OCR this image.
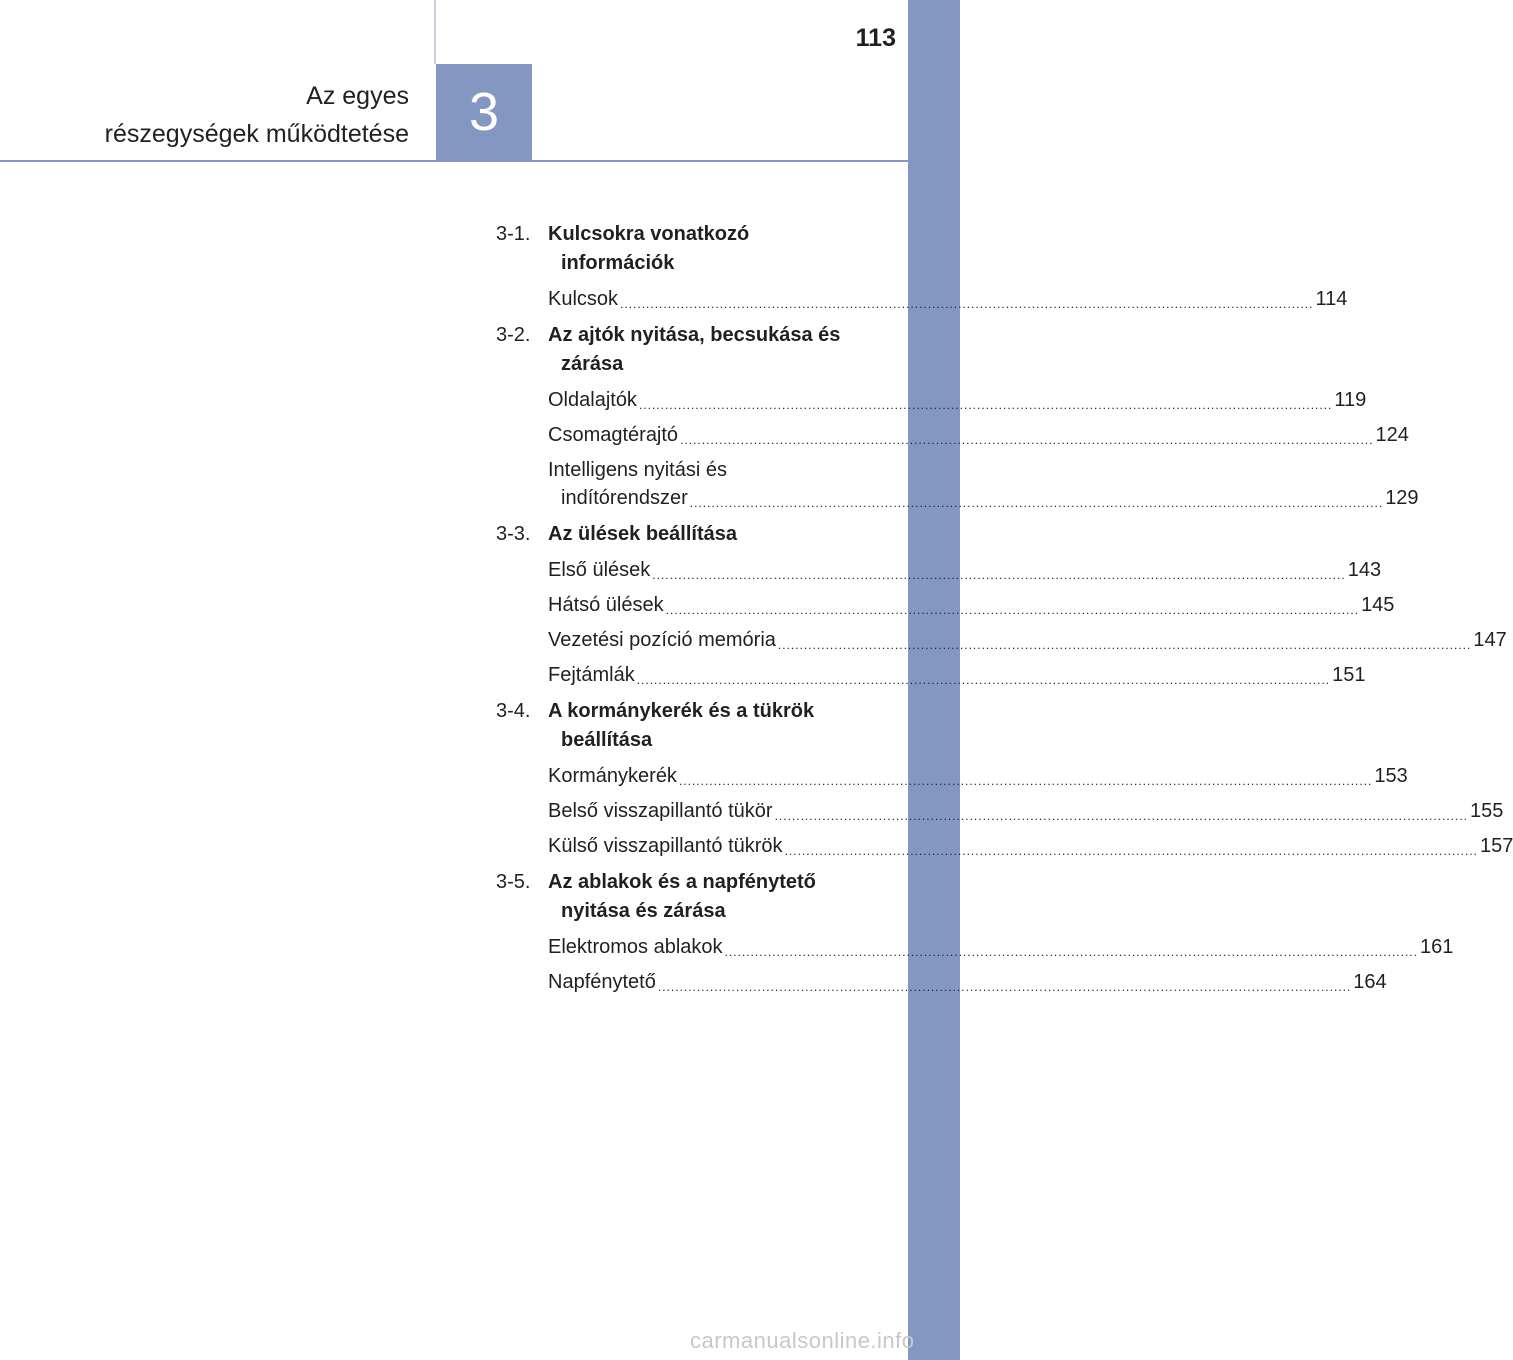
113
Az egyes
részegységek működtetése	3
3-1. Kulcsokra vonatkozó
információk
Kulcsok ................................................................................................................................................................ 114
3-2. Az ajtók nyitása, becsukása és
zárása
Oldalajtók ................................................................................................................................................................ 119
Csomagtérajtó ................................................................................................................................................................ 124
Intelligens nyitási és
indítórendszer ................................................................................................................................................................ 129
3-3. Az ülések beállítása
Első ülések ................................................................................................................................................................ 143
Hátsó ülések ................................................................................................................................................................ 145
Vezetési pozíció memória ................................................................................................................................................................ 147
Fejtámlák ................................................................................................................................................................ 151
3-4. A kormánykerék és a tükrök
beállítása
Kormánykerék ................................................................................................................................................................ 153
Belső visszapillantó tükör ................................................................................................................................................................ 155
Külső visszapillantó tükrök ................................................................................................................................................................ 157
3-5. Az ablakok és a napfénytető
nyitása és zárása
Elektromos ablakok ................................................................................................................................................................ 161
Napfénytető ................................................................................................................................................................ 164
carmanualsonline.info
